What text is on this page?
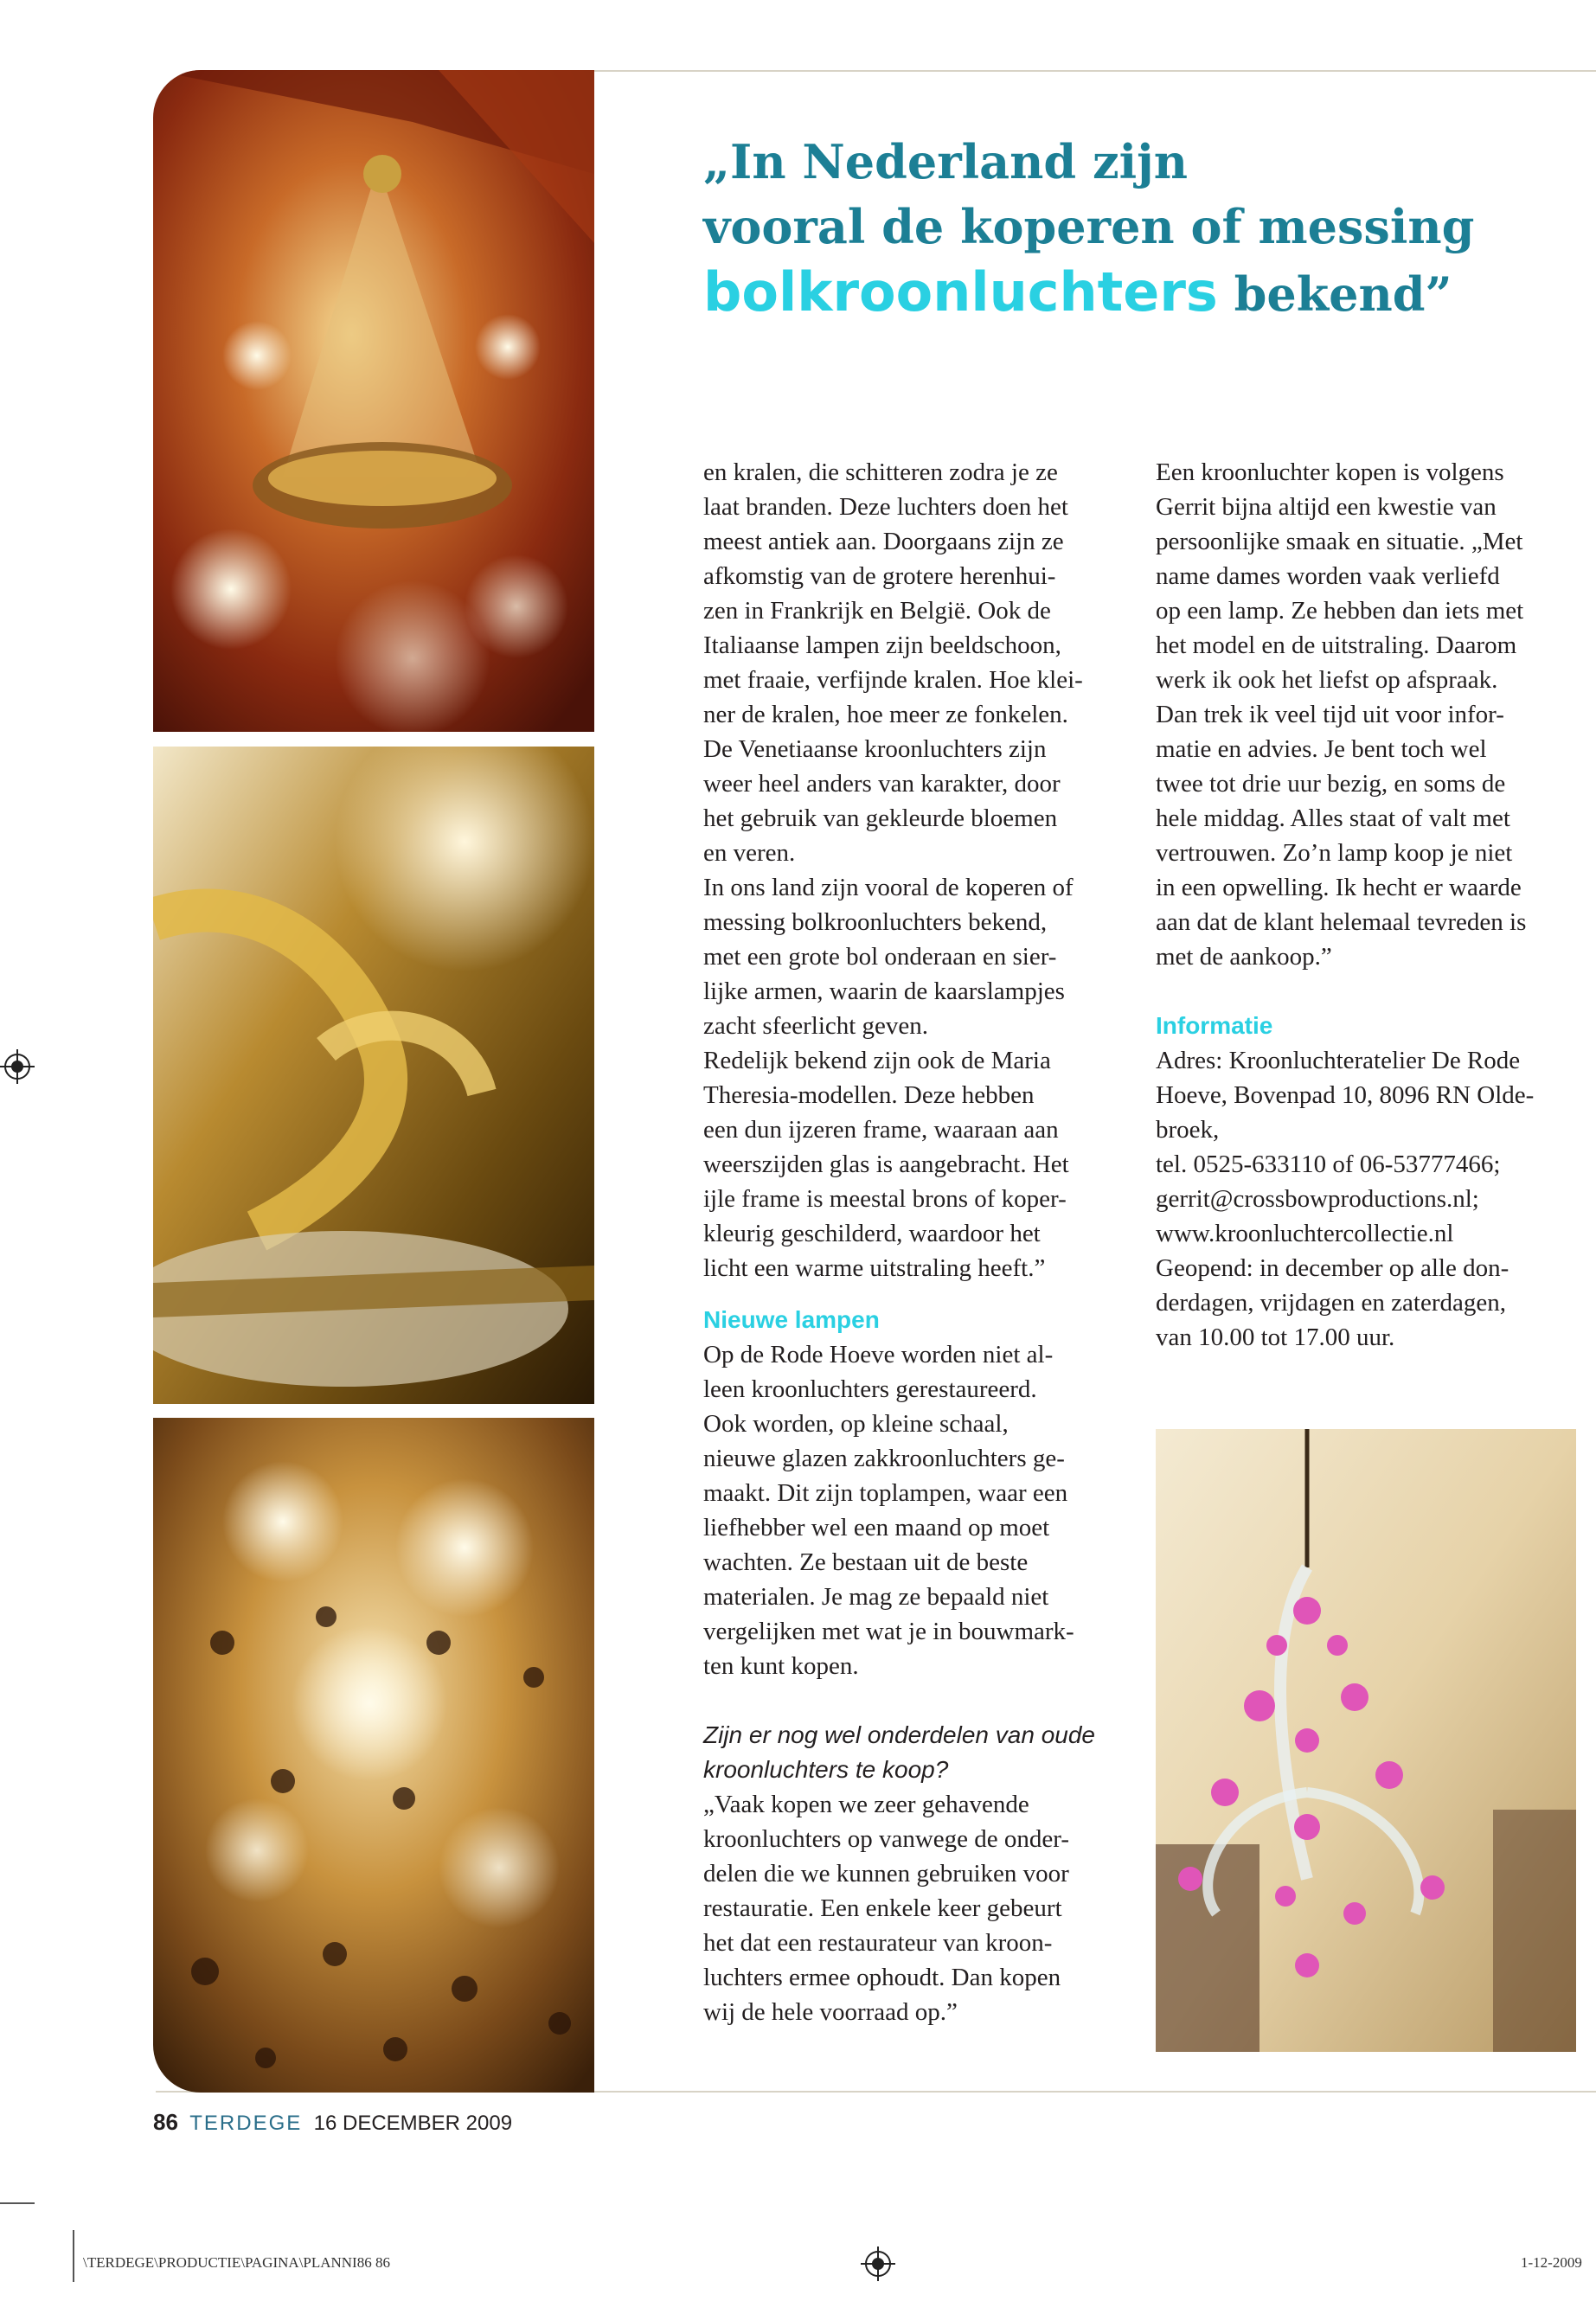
„In Nederland zijn
vooral de koperen of messing
bolkroonluchters bekend”

en kralen, die schitteren zodra je ze
laat branden. Deze luchters doen het
meest antiek aan. Doorgaans zijn ze
afkomstig van de grotere herenhui-
zen in Frankrijk en België. Ook de
Italiaanse lampen zijn beeldschoon,
met fraaie, verfijnde kralen. Hoe klei-
ner de kralen, hoe meer ze fonkelen.
De Venetiaanse kroonluchters zijn
weer heel anders van karakter, door
het gebruik van gekleurde bloemen
en veren.

In ons land zijn vooral de koperen of
messing bolkroonluchters bekend,
met een grote bol onderaan en sier-
lijke armen, waarin de kaarslampjes
zacht sfeerlicht geven.

Redelijk bekend zijn ook de Maria
Theresia-modellen. Deze hebben
een dun ijzeren frame, waaraan aan
weerszijden glas is aangebracht. Het
ijle frame is meestal brons of koper-
kleurig geschilderd, waardoor het
licht een warme uitstraling heeft.”

Nieuwe lampen

Op de Rode Hoeve worden niet al-
leen kroonluchters gerestaureerd.
Ook worden, op kleine schaal,
nieuwe glazen zakkroonluchters ge-
maakt. Dit zijn toplampen, waar een
liefhebber wel een maand op moet
wachten. Ze bestaan uit de beste
materialen. Je mag ze bepaald niet
vergelijken met wat je in bouwmark-
ten kunt kopen.

Zijn er nog wel onderdelen van oude
kroonluchters te koop?

„Vaak kopen we zeer gehavende
kroonluchters op vanwege de onder-
delen die we kunnen gebruiken voor
restauratie. Een enkele keer gebeurt
het dat een restaurateur van kroon-
luchters ermee ophoudt. Dan kopen
wij de hele voorraad op.”

Een kroonluchter kopen is volgens
Gerrit bijna altijd een kwestie van
persoonlijke smaak en situatie. „Met
name dames worden vaak verliefd
op een lamp. Ze hebben dan iets met
het model en de uitstraling. Daarom
werk ik ook het liefst op afspraak.
Dan trek ik veel tijd uit voor infor-
matie en advies. Je bent toch wel
twee tot drie uur bezig, en soms de
hele middag. Alles staat of valt met
vertrouwen. Zo’n lamp koop je niet
in een opwelling. Ik hecht er waarde
aan dat de klant helemaal tevreden is
met de aankoop.”

Informatie

Adres: Kroonluchteratelier De Rode
Hoeve, Bovenpad 10, 8096 RN Olde-
broek,
tel. 0525-633110 of 06-53777466;
gerrit@crossbowproductions.nl;
www.kroonluchtercollectie.nl
Geopend: in december op alle don-
derdagen, vrijdagen en zaterdagen,
van 10.00 tot 17.00 uur.

86 TERDEGE 16 DECEMBER 2009
\TERDEGE\PRODUCTIE\PAGINA\PLANNI86 86	1-12-2009
